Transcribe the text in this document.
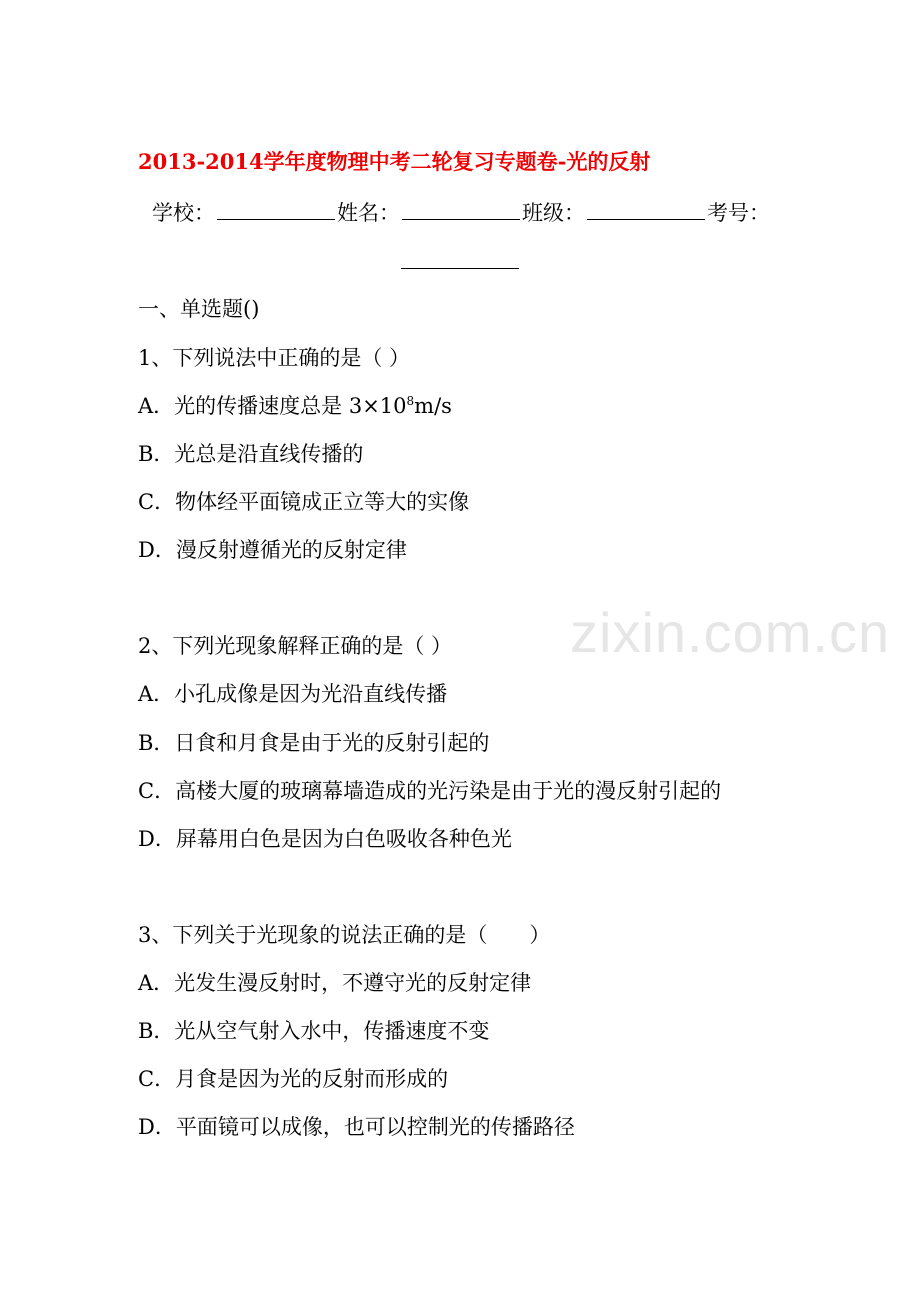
2013-2014学年度物理中考二轮复习专题卷-光的反射
学校：	姓名：	班级：	考号：
一、单选题()
1、下列说法中正确的是（ ）
A．光的传播速度总是 $3\times 10^8m/s$
B．光总是沿直线传播的
C．物体经平面镜成正立等大的实像
D．漫反射遵循光的反射定律
2、下列光现象解释正确的是（ ）
A．小孔成像是因为光沿直线传播
B．日食和月食是由于光的反射引起的
C．高楼大厦的玻璃幕墙造成的光污染是由于光的漫反射引起的
D．屏幕用白色是因为白色吸收各种色光
3、下列关于光现象的说法正确的是（　　）
A．光发生漫反射时，不遵守光的反射定律
B．光从空气射入水中，传播速度不变
C．月食是因为光的反射而形成的
D．平面镜可以成像，也可以控制光的传播路径
zixin.com.cn
